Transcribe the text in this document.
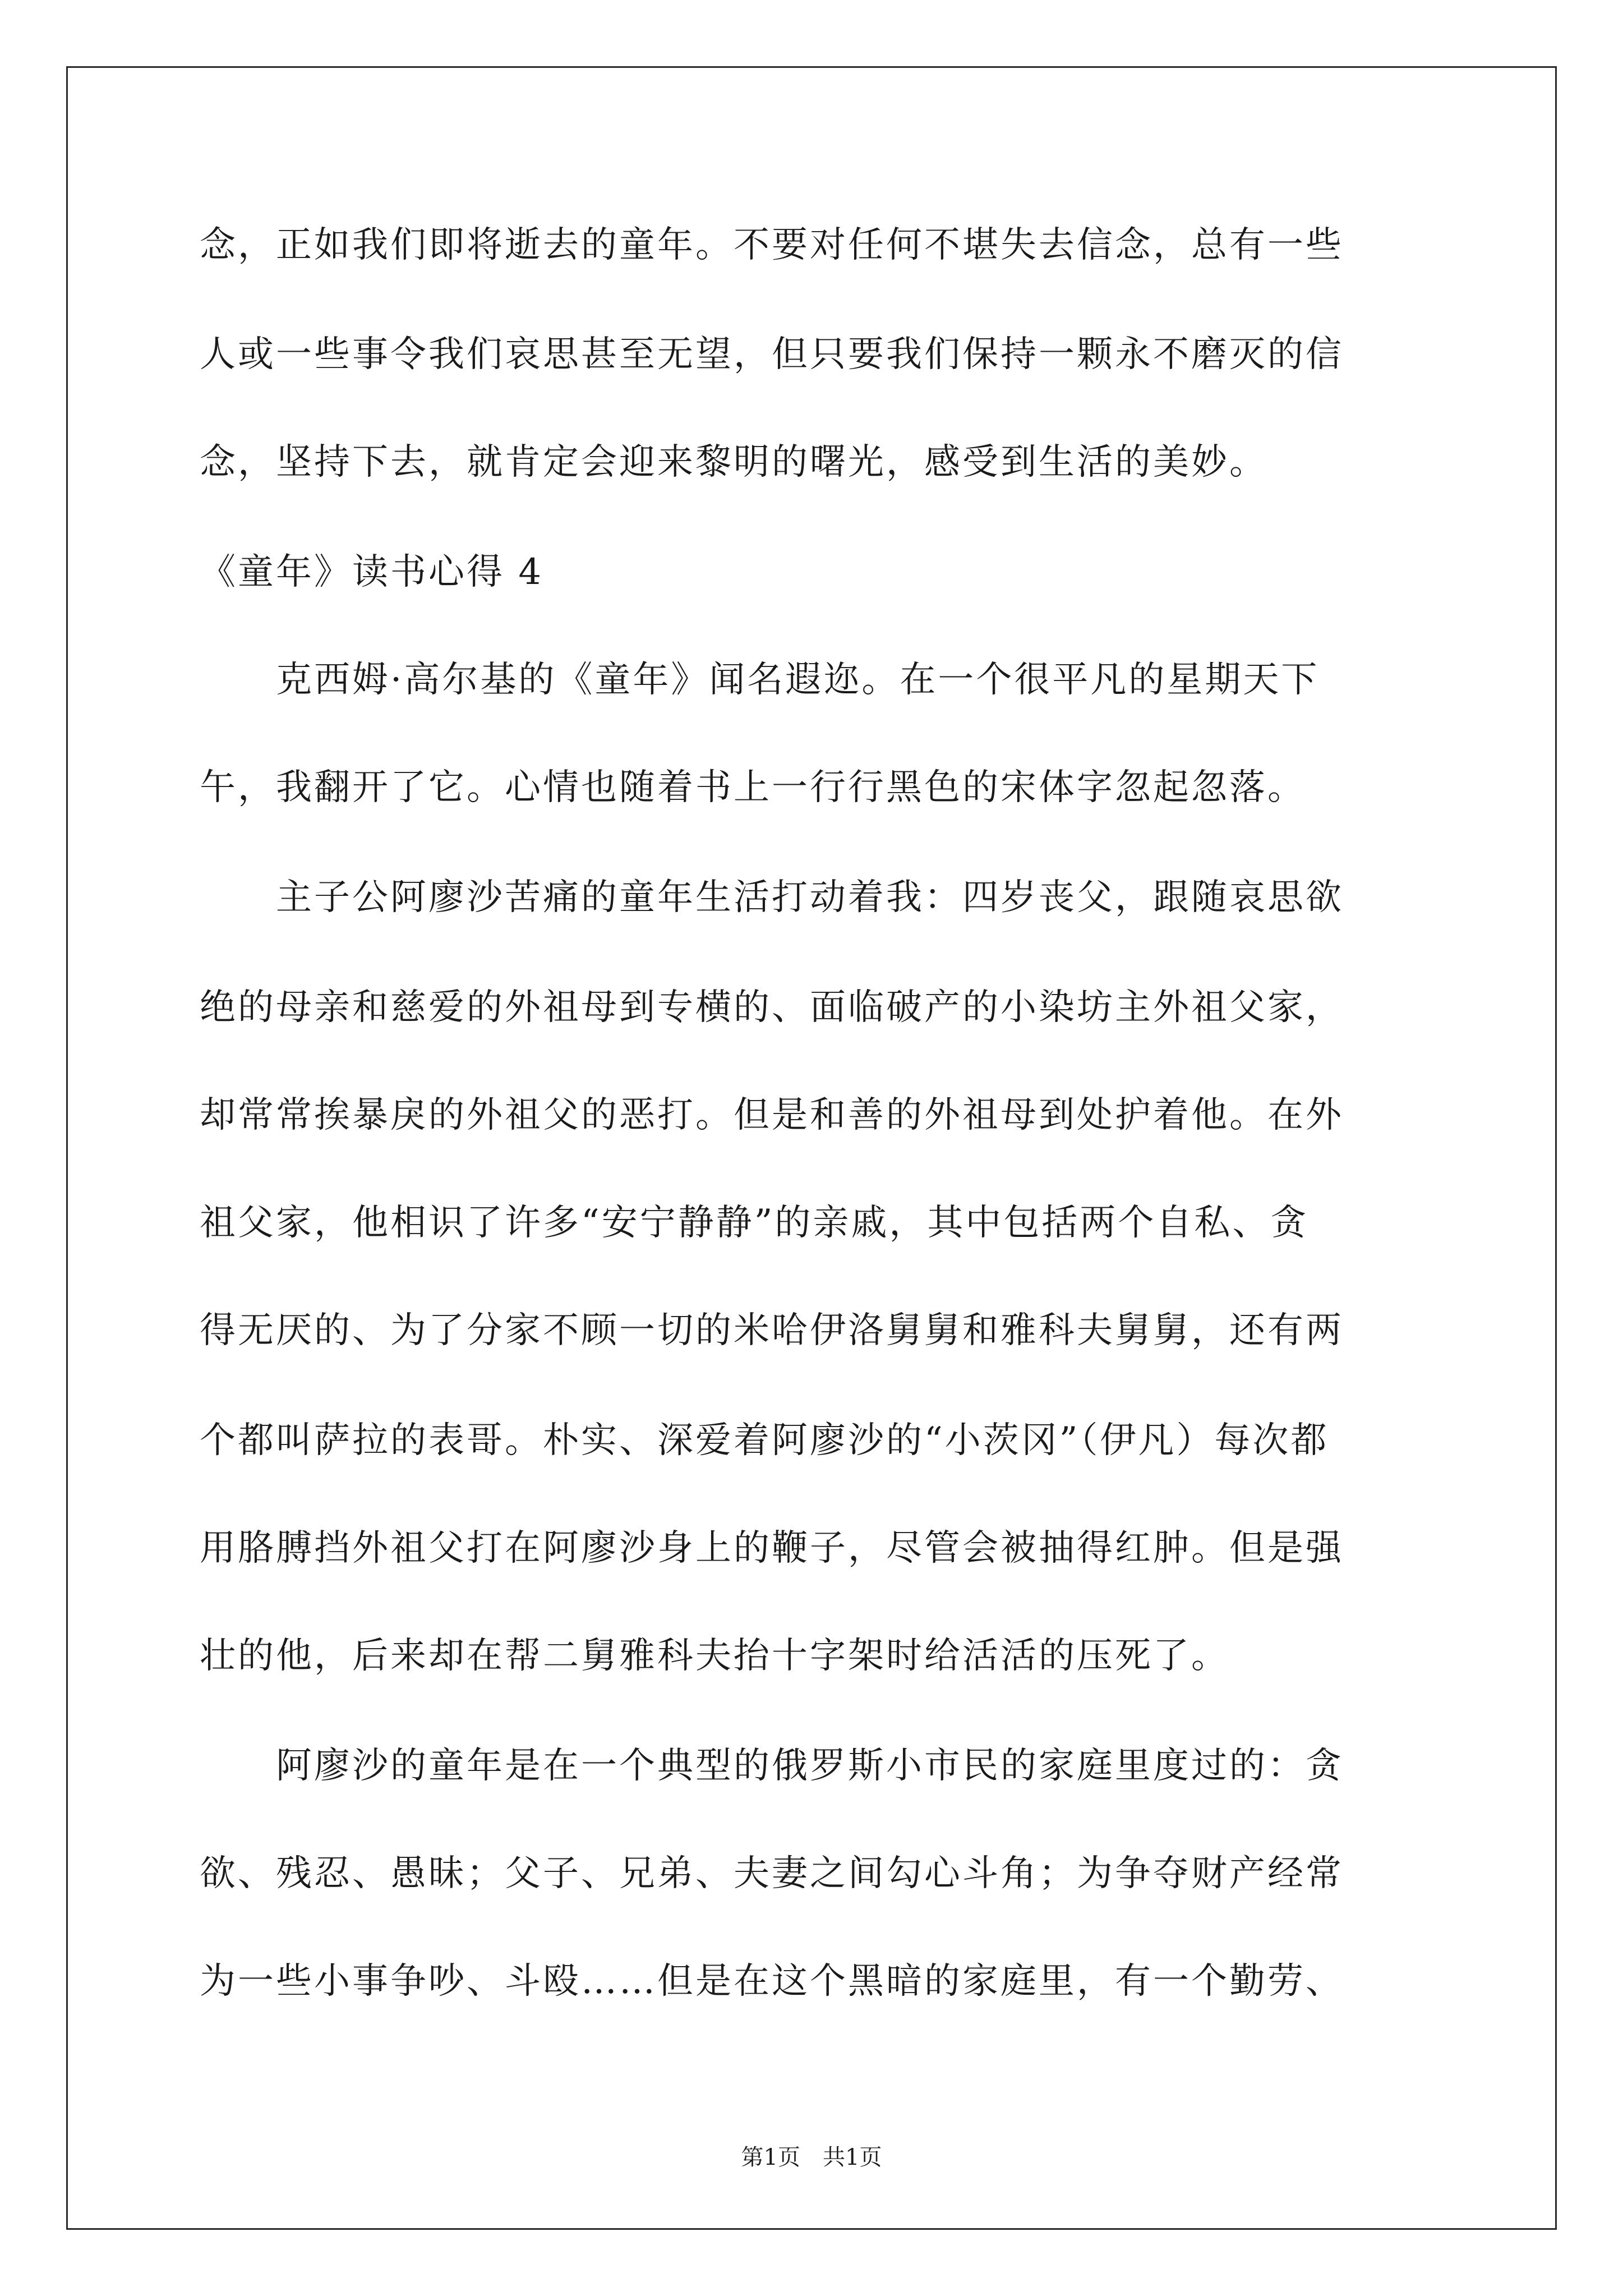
念，正如我们即将逝去的童年。不要对任何不堪失去信念，总有一些
人或一些事令我们哀思甚至无望，但只要我们保持一颗永不磨灭的信
念，坚持下去，就肯定会迎来黎明的曙光，感受到生活的美妙。
《童年》读书心得 4
　　克西姆·高尔基的《童年》闻名遐迩。在一个很平凡的星期天下
午，我翻开了它。心情也随着书上一行行黑色的宋体字忽起忽落。
　　主子公阿廖沙苦痛的童年生活打动着我：四岁丧父，跟随哀思欲
绝的母亲和慈爱的外祖母到专横的、面临破产的小染坊主外祖父家，
却常常挨暴戾的外祖父的恶打。但是和善的外祖母到处护着他。在外
祖父家，他相识了许多“安宁静静”的亲戚，其中包括两个自私、贪
得无厌的、为了分家不顾一切的米哈伊洛舅舅和雅科夫舅舅，还有两
个都叫萨拉的表哥。朴实、深爱着阿廖沙的“小茨冈”（伊凡）每次都
用胳膊挡外祖父打在阿廖沙身上的鞭子，尽管会被抽得红肿。但是强
壮的他，后来却在帮二舅雅科夫抬十字架时给活活的压死了。
　　阿廖沙的童年是在一个典型的俄罗斯小市民的家庭里度过的：贪
欲、残忍、愚昧；父子、兄弟、夫妻之间勾心斗角；为争夺财产经常
为一些小事争吵、斗殴……但是在这个黑暗的家庭里，有一个勤劳、
第1页　共1页
